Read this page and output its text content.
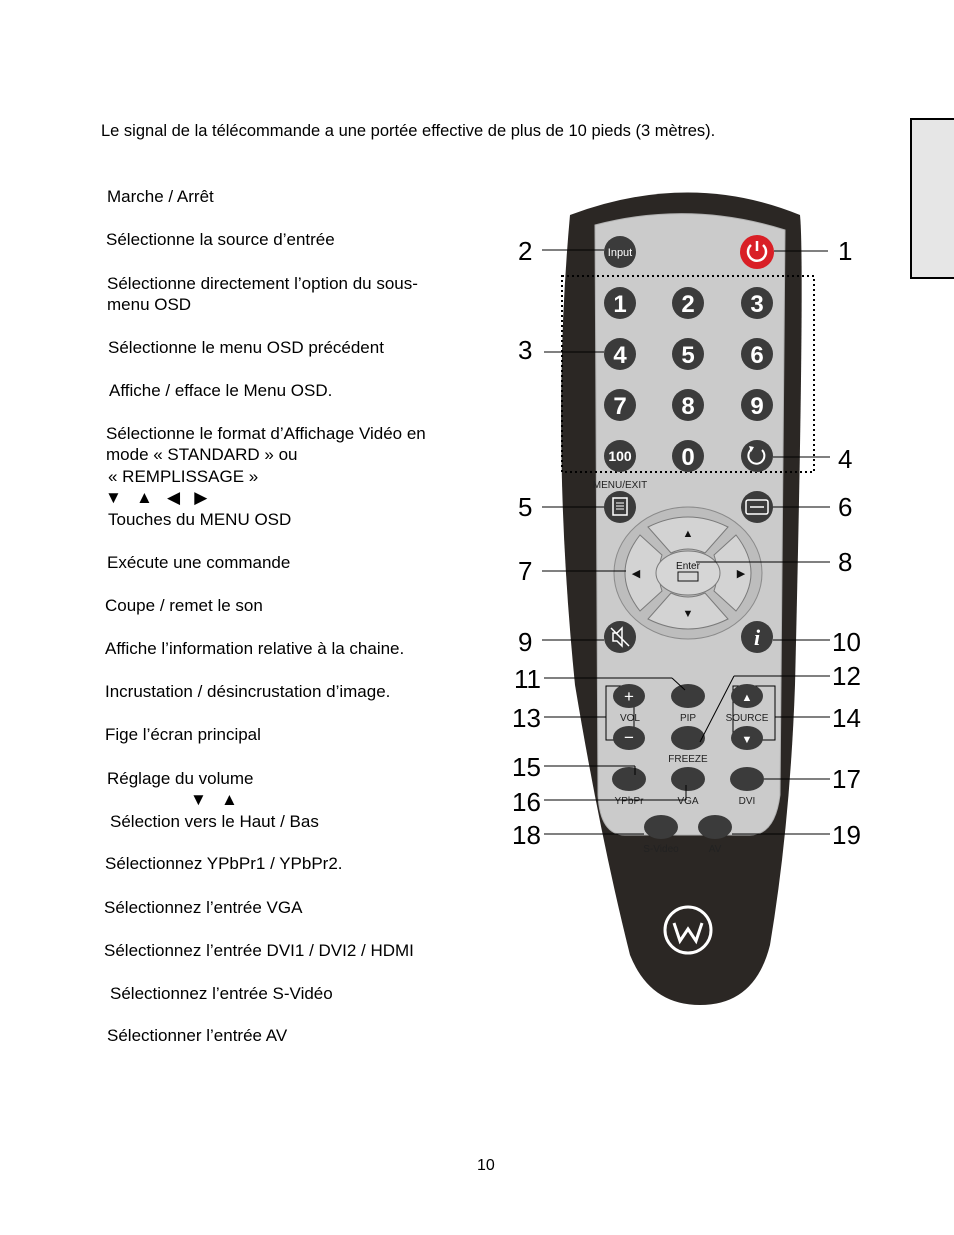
Le signal de la télécommande a une portée effective de plus de 10 pieds (3 mètres).
Marche / Arrêt
Sélectionne la source d’entrée
Sélectionne directement l’option du sous-
menu OSD
Sélectionne le menu OSD précédent
Affiche / efface le Menu OSD.
Sélectionne le format d’Affichage Vidéo en
mode « STANDARD » ou
« REMPLISSAGE »
▼   ▲   ◀   ▶
Touches du MENU OSD
Exécute une commande
Coupe / remet le son
Affiche l’information relative à la chaine.
Incrustation / désincrustation d’image.
Fige l’écran principal
Réglage du volume
▼   ▲
Sélection vers le Haut / Bas
Sélectionnez YPbPr1 / YPbPr2.
Sélectionnez l’entrée VGA
Sélectionnez l’entrée DVI1 / DVI2 / HDMI
Sélectionnez l’entrée S-Vidéo
Sélectionner l’entrée AV
Input
1 2 3
4 5 6
7 8 9
100 0
MENU/EXIT
▲
▼
◀	▶
Enter
i
+
−
VOL	PIP
FREEZE
▲
▼
SOURCE
YPbPr	VGA	DVI
S-Video	AV
2	1
3
4
5	6
7	8
9	10
11	12
13	14
15
16
17
18	19
10
